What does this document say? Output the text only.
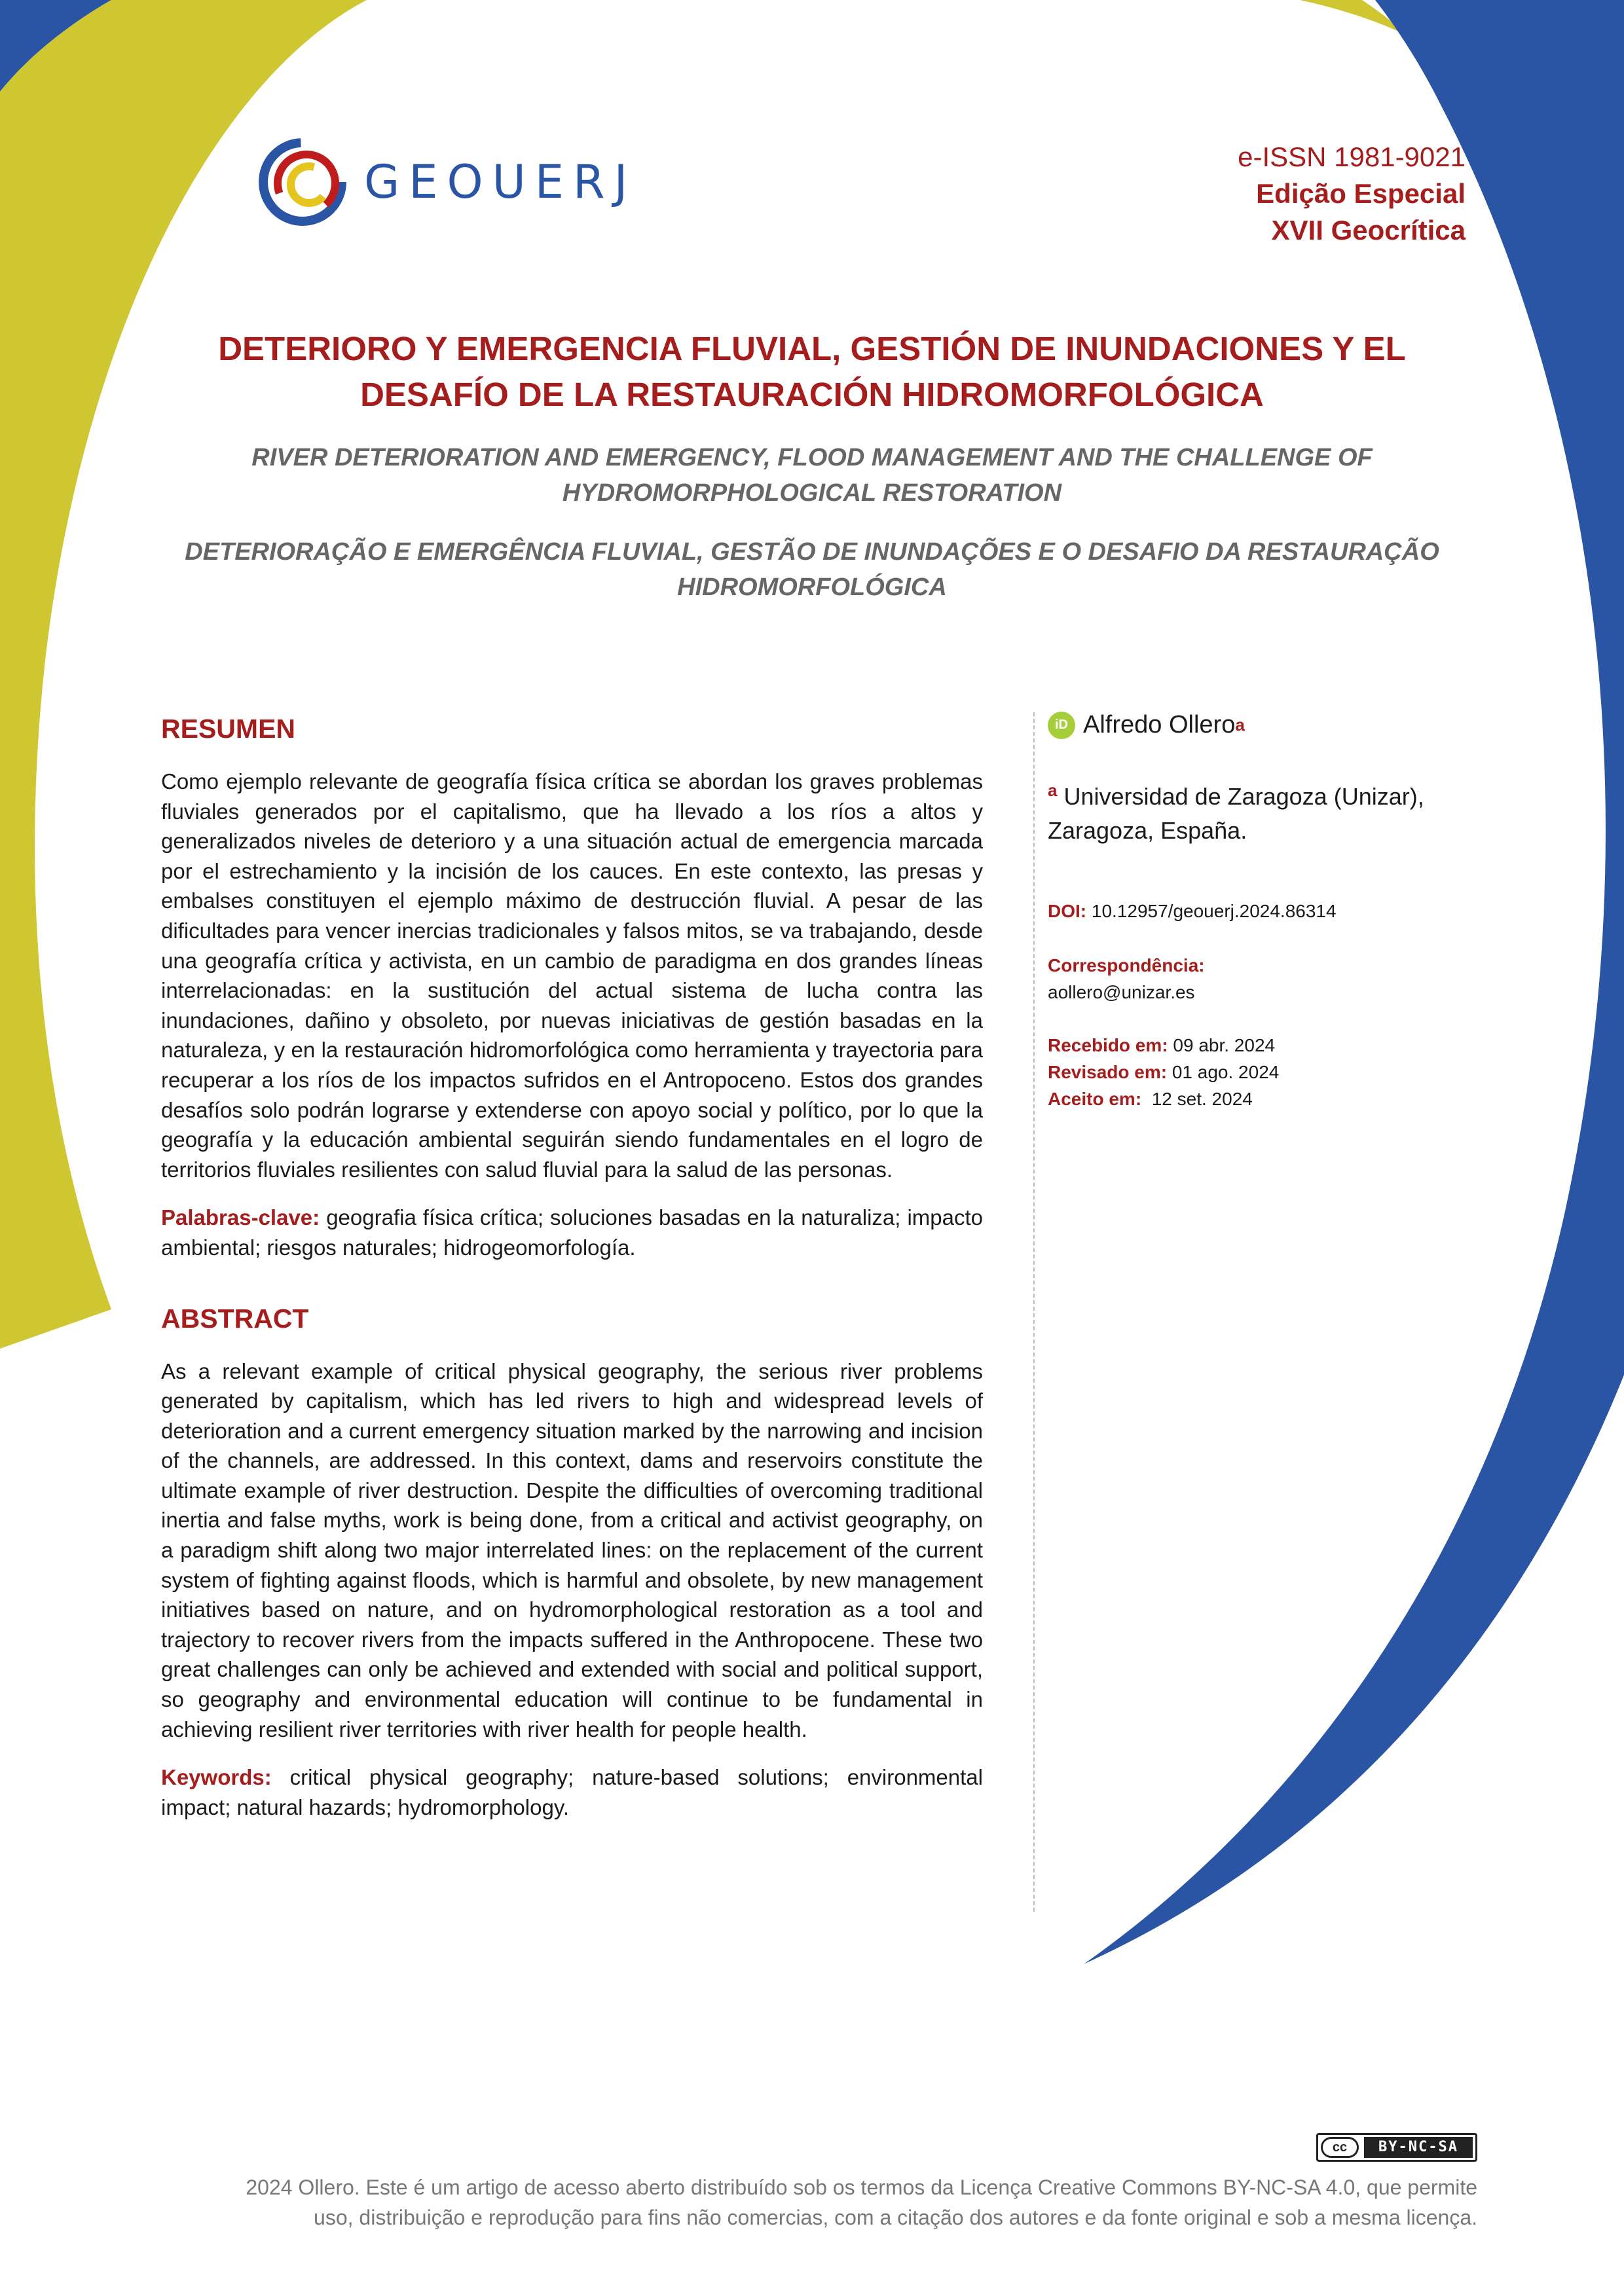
GEOUERJ	e-ISSN 1981-9021
Edição Especial
XVII Geocrítica

DETERIORO Y EMERGENCIA FLUVIAL, GESTIÓN DE INUNDACIONES Y EL DESAFÍO DE LA RESTAURACIÓN HIDROMORFOLÓGICA

RIVER DETERIORATION AND EMERGENCY, FLOOD MANAGEMENT AND THE CHALLENGE OF HYDROMORPHOLOGICAL RESTORATION

DETERIORAÇÃO E EMERGÊNCIA FLUVIAL, GESTÃO DE INUNDAÇÕES E O DESAFIO DA RESTAURAÇÃO HIDROMORFOLÓGICA

RESUMEN

Como ejemplo relevante de geografía física crítica se abordan los graves problemas fluviales generados por el capitalismo, que ha llevado a los ríos a altos y generalizados niveles de deterioro y a una situación actual de emergencia marcada por el estrechamiento y la incisión de los cauces. En este contexto, las presas y embalses constituyen el ejemplo máximo de destrucción fluvial. A pesar de las dificultades para vencer inercias tradicionales y falsos mitos, se va trabajando, desde una geografía crítica y activista, en un cambio de paradigma en dos grandes líneas interrelacionadas: en la sustitución del actual sistema de lucha contra las inundaciones, dañino y obsoleto, por nuevas iniciativas de gestión basadas en la naturaleza, y en la restauración hidromorfológica como herramienta y trayectoria para recuperar a los ríos de los impactos sufridos en el Antropoceno. Estos dos grandes desafíos solo podrán lograrse y extenderse con apoyo social y político, por lo que la geografía y la educación ambiental seguirán siendo fundamentales en el logro de territorios fluviales resilientes con salud fluvial para la salud de las personas.

Palabras-clave: geografia física crítica; soluciones basadas en la naturaliza; impacto ambiental; riesgos naturales; hidrogeomorfología.

ABSTRACT

As a relevant example of critical physical geography, the serious river problems generated by capitalism, which has led rivers to high and widespread levels of deterioration and a current emergency situation marked by the narrowing and incision of the channels, are addressed. In this context, dams and reservoirs constitute the ultimate example of river destruction. Despite the difficulties of overcoming traditional inertia and false myths, work is being done, from a critical and activist geography, on a paradigm shift along two major interrelated lines: on the replacement of the current system of fighting against floods, which is harmful and obsolete, by new management initiatives based on nature, and on hydromorphological restoration as a tool and trajectory to recover rivers from the impacts suffered in the Anthropocene. These two great challenges can only be achieved and extended with social and political support, so geography and environmental education will continue to be fundamental in achieving resilient river territories with river health for people health.

Keywords: critical physical geography; nature-based solutions; environmental impact; natural hazards; hydromorphology.

iD Alfredo Ollero a
$^a$ Universidad de Zaragoza (Unizar),
Zaragoza, España.
DOI: 10.12957/geouerj.2024.86314
Correspondência:
aollero@unizar.es
Recebido em: 09 abr. 2024
Revisado em: 01 ago. 2024
Aceito em: 12 set. 2024
cc	BY-NC-SA
2024 Ollero. Este é um artigo de acesso aberto distribuído sob os termos da Licença Creative Commons BY-NC-SA 4.0, que permite uso, distribuição e reprodução para fins não comercias, com a citação dos autores e da fonte original e sob a mesma licença.
